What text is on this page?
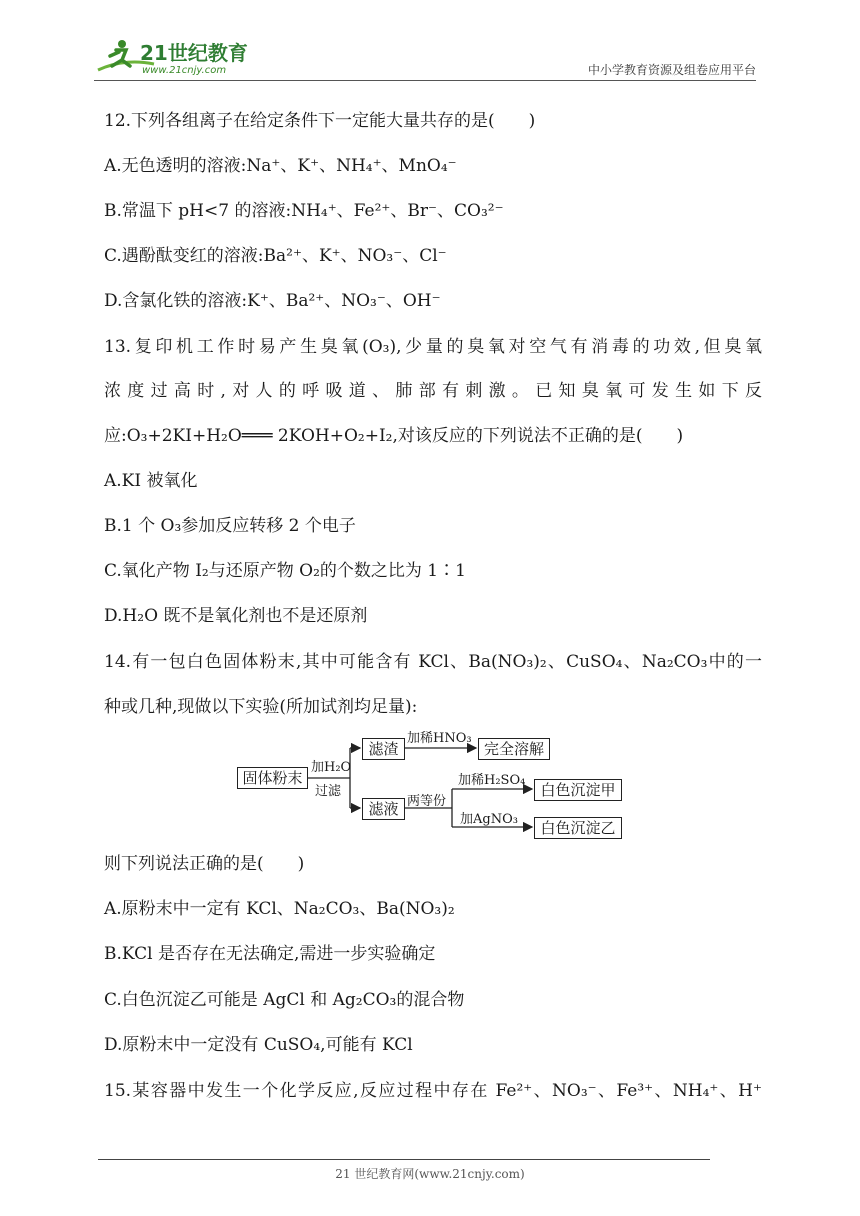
21世纪教育
www.21cnjy.com	中小学教育资源及组卷应用平台
12.下列各组离子在给定条件下一定能大量共存的是(　　)
A.无色透明的溶液:Na⁺、K⁺、NH₄⁺、MnO₄⁻
B.常温下 pH<7 的溶液:NH₄⁺、Fe²⁺、Br⁻、CO₃²⁻
C.遇酚酞变红的溶液:Ba²⁺、K⁺、NO₃⁻、Cl⁻
D.含氯化铁的溶液:K⁺、Ba²⁺、NO₃⁻、OH⁻
13.复印机工作时易产生臭氧(O₃),少量的臭氧对空气有消毒的功效,但臭氧
浓度过高时,对人的呼吸道、肺部有刺激。已知臭氧可发生如下反
应:O₃+2KI+H₂O═══ 2KOH+O₂+I₂,对该反应的下列说法不正确的是(　　)
A.KI 被氧化
B.1 个 O₃参加反应转移 2 个电子
C.氧化产物 I₂与还原产物 O₂的个数之比为 1∶1
D.H₂O 既不是氧化剂也不是还原剂
14.有一包白色固体粉末,其中可能含有 KCl、Ba(NO₃)₂、CuSO₄、Na₂CO₃中的一
种或几种,现做以下实验(所加试剂均足量):
固体粉末
加H₂O
过滤
滤渣
加稀HNO₃
完全溶解
滤液 两等份
加稀H₂SO₄
白色沉淀甲
加AgNO₃	白色沉淀乙
则下列说法正确的是(　　)
A.原粉末中一定有 KCl、Na₂CO₃、Ba(NO₃)₂
B.KCl 是否存在无法确定,需进一步实验确定
C.白色沉淀乙可能是 AgCl 和 Ag₂CO₃的混合物
D.原粉末中一定没有 CuSO₄,可能有 KCl
15.某容器中发生一个化学反应,反应过程中存在 Fe²⁺、NO₃⁻、Fe³⁺、NH₄⁺、H⁺
21 世纪教育网(www.21cnjy.com)
